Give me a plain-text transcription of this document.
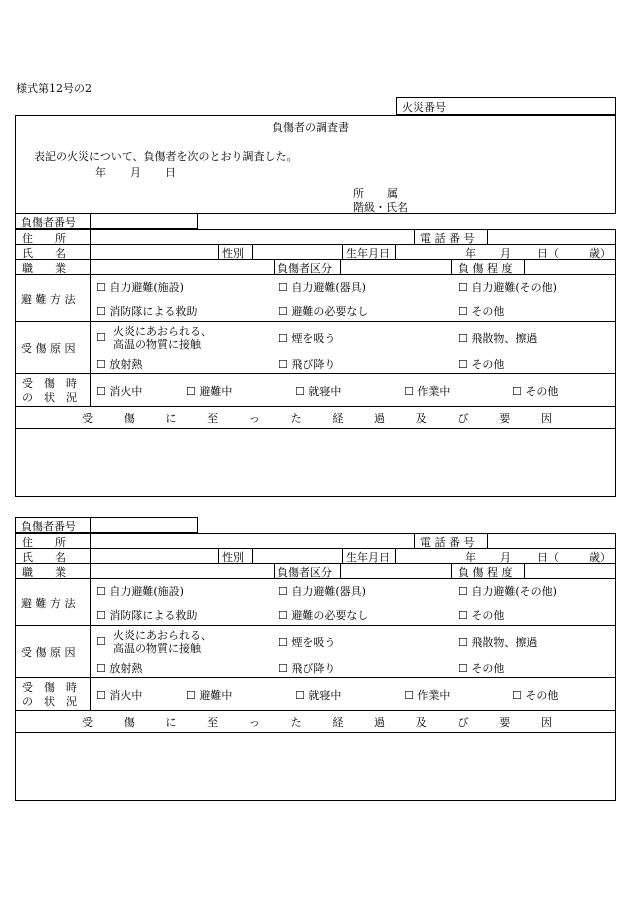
様式第12号の2
火災番号
負傷者の調査書
表記の火災について、負傷者を次のとおり調査した。
年 月 日
所　属
階級・氏名
負傷者番号
住　　所	電 話 番 号
氏　　名	性別	生年月日	年 月 日（	歳）
職　　業	負傷者区分	負 傷 程 度
避 難 方 法
☐ 自力避難(施設)	☐ 自力避難(器具)	☐ 自力避難(その他)
☐ 消防隊による救助	☐ 避難の必要なし	☐ その他
受 傷 原 因
☐ 火炎にあおられる、
高温の物質に接触	☐ 煙を吸う	☐ 飛散物、擦過
☐ 放射熱	☐ 飛び降り	☐ その他
受　傷　時
の　状　況 ☐ 消火中	☐ 避難中	☐ 就寝中	☐ 作業中	☐ その他
受	傷	に	至	っ	た	経	過	及	び	要	因
負傷者番号
住　　所	電 話 番 号
氏　　名	性別	生年月日	年 月 日（	歳）
職　　業	負傷者区分	負 傷 程 度
避 難 方 法
☐ 自力避難(施設)	☐ 自力避難(器具)	☐ 自力避難(その他)
☐ 消防隊による救助	☐ 避難の必要なし	☐ その他
受 傷 原 因
☐ 火炎にあおられる、
高温の物質に接触	☐ 煙を吸う	☐ 飛散物、擦過
☐ 放射熱	☐ 飛び降り	☐ その他
受　傷　時
の　状　況 ☐ 消火中	☐ 避難中	☐ 就寝中	☐ 作業中	☐ その他
受	傷	に	至	っ	た	経	過	及	び	要	因
